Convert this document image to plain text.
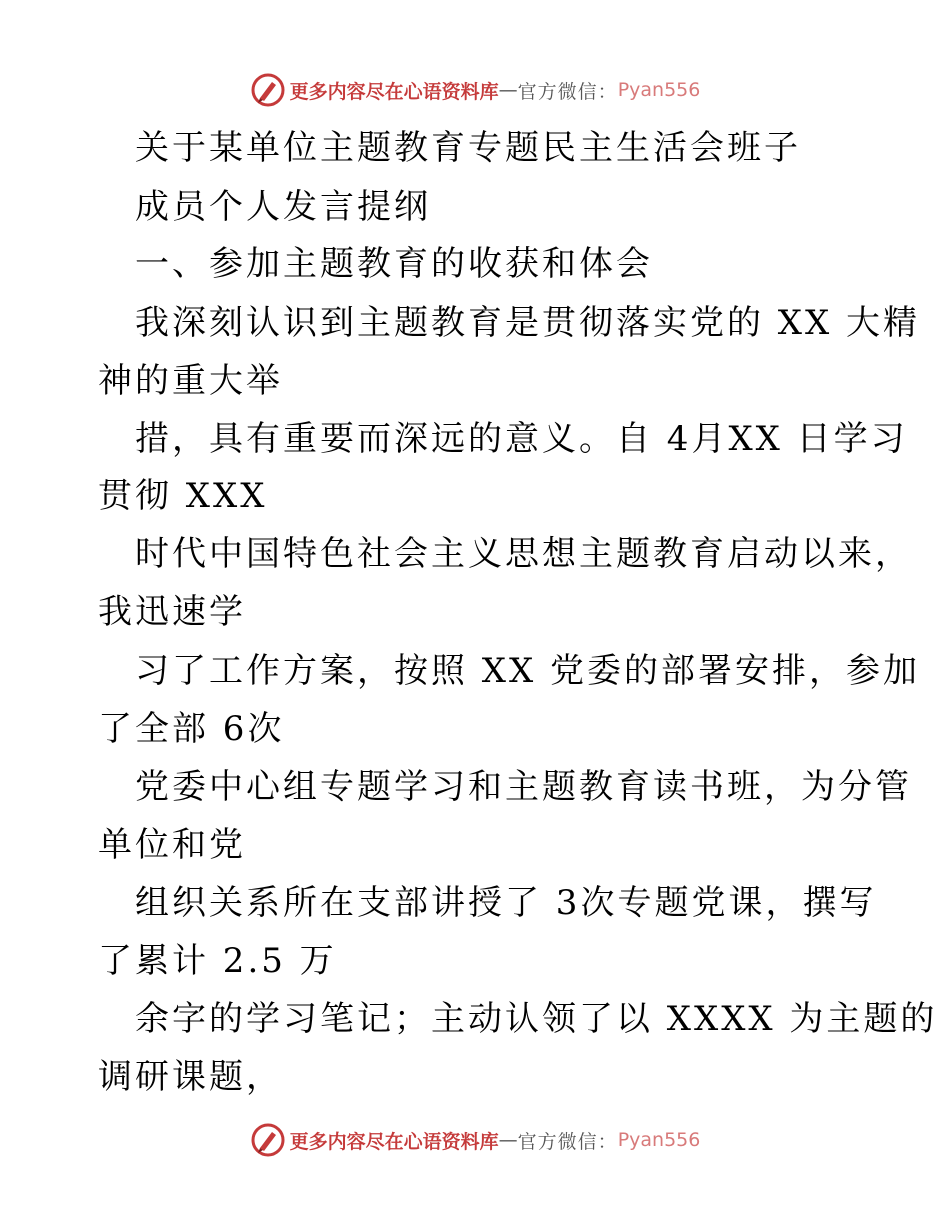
更多内容尽在心语资料库 — 官方微信： Pyan556
关于某单位主题教育专题民主生活会班子
成员个人发言提纲
一、参加主题教育的收获和体会
我深刻认识到主题教育是贯彻落实党的 XX 大精
神的重大举
措，具有重要而深远的意义。自 4月XX 日学习
贯彻 XXX
时代中国特色社会主义思想主题教育启动以来，
我迅速学
习了工作方案，按照 XX 党委的部署安排，参加
了全部 6次
党委中心组专题学习和主题教育读书班，为分管
单位和党
组织关系所在支部讲授了 3次专题党课，撰写
了累计 2.5 万
余字的学习笔记；主动认领了以 XXXX 为主题的
调研课题，
更多内容尽在心语资料库 — 官方微信： Pyan556
